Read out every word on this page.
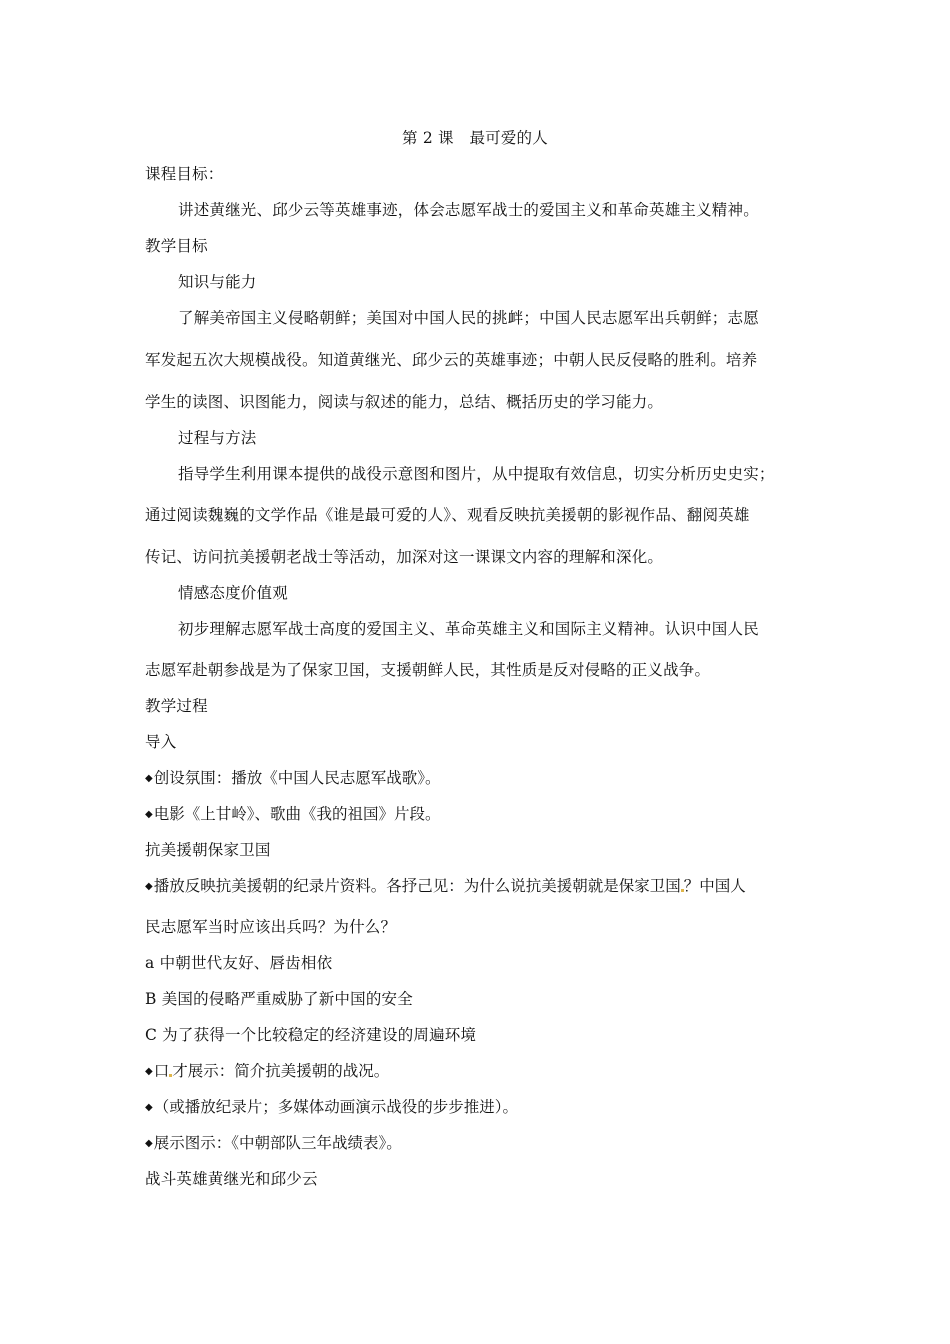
第 2 课　最可爱的人
课程目标：
讲述黄继光、邱少云等英雄事迹，体会志愿军战士的爱国主义和革命英雄主义精神。
教学目标
知识与能力
了解美帝国主义侵略朝鲜；美国对中国人民的挑衅；中国人民志愿军出兵朝鲜；志愿
军发起五次大规模战役。知道黄继光、邱少云的英雄事迹；中朝人民反侵略的胜利。培养
学生的读图、识图能力，阅读与叙述的能力，总结、概括历史的学习能力。
过程与方法
指导学生利用课本提供的战役示意图和图片，从中提取有效信息，切实分析历史史实；
通过阅读魏巍的文学作品《谁是最可爱的人》、观看反映抗美援朝的影视作品、翻阅英雄
传记、访问抗美援朝老战士等活动，加深对这一课课文内容的理解和深化。
情感态度价值观
初步理解志愿军战士高度的爱国主义、革命英雄主义和国际主义精神。认识中国人民
志愿军赴朝参战是为了保家卫国，支援朝鲜人民，其性质是反对侵略的正义战争。
教学过程
导入
◆创设氛围：播放《中国人民志愿军战歌》。
◆电影《上甘岭》、歌曲《我的祖国》片段。
抗美援朝保家卫国
◆播放反映抗美援朝的纪录片资料。各抒己见：为什么说抗美援朝就是保家卫国 ？中国人
民志愿军当时应该出兵吗？为什么？
a 中朝世代友好、唇齿相依
B 美国的侵略严重威胁了新中国的安全
C 为了获得一个比较稳定的经济建设的周遍环境
◆口 才展示：简介抗美援朝的战况。
◆（或播放纪录片；多媒体动画演示战役的步步推进）。
◆展示图示：《中朝部队三年战绩表》。
战斗英雄黄继光和邱少云
